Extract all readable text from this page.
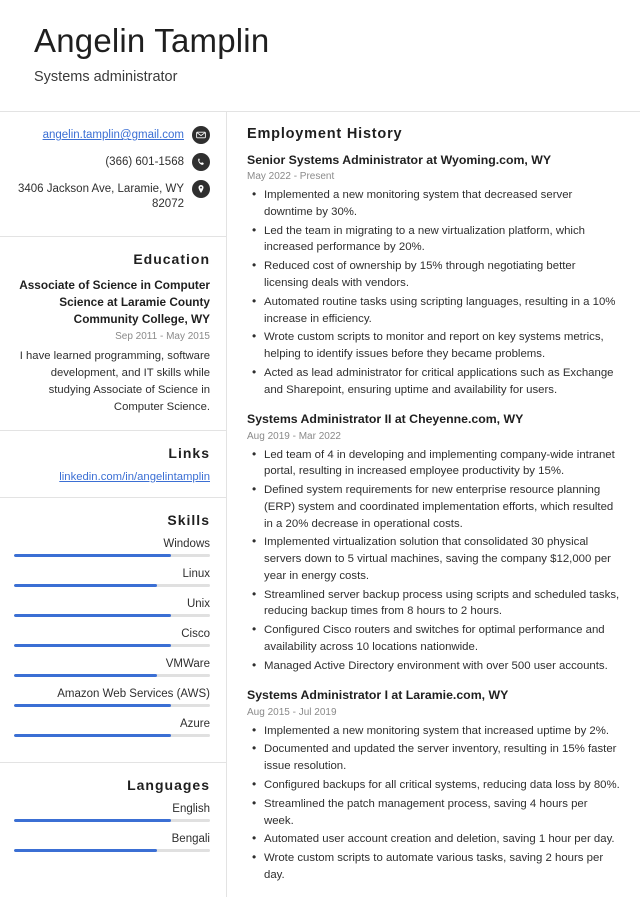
Angelin Tamplin
Systems administrator
angelin.tamplin@gmail.com
(366) 601-1568
3406 Jackson Ave, Laramie, WY 82072
Education
Associate of Science in Computer Science at Laramie County Community College, WY
Sep 2011 - May 2015
I have learned programming, software development, and IT skills while studying Associate of Science in Computer Science.
Links
linkedin.com/in/angelintamplin
Skills
Windows
Linux
Unix
Cisco
VMWare
Amazon Web Services (AWS)
Azure
Languages
English
Bengali
Employment History
Senior Systems Administrator at Wyoming.com, WY
May 2022 - Present
• Implemented a new monitoring system that decreased server downtime by 30%.
• Led the team in migrating to a new virtualization platform, which increased performance by 20%.
• Reduced cost of ownership by 15% through negotiating better licensing deals with vendors.
• Automated routine tasks using scripting languages, resulting in a 10% increase in efficiency.
• Wrote custom scripts to monitor and report on key systems metrics, helping to identify issues before they became problems.
• Acted as lead administrator for critical applications such as Exchange and Sharepoint, ensuring uptime and availability for users.
Systems Administrator II at Cheyenne.com, WY
Aug 2019 - Mar 2022
• Led team of 4 in developing and implementing company-wide intranet portal, resulting in increased employee productivity by 15%.
• Defined system requirements for new enterprise resource planning (ERP) system and coordinated implementation efforts, which resulted in a 20% decrease in operational costs.
• Implemented virtualization solution that consolidated 30 physical servers down to 5 virtual machines, saving the company $12,000 per year in energy costs.
• Streamlined server backup process using scripts and scheduled tasks, reducing backup times from 8 hours to 2 hours.
• Configured Cisco routers and switches for optimal performance and availability across 10 locations nationwide.
• Managed Active Directory environment with over 500 user accounts.
Systems Administrator I at Laramie.com, WY
Aug 2015 - Jul 2019
• Implemented a new monitoring system that increased uptime by 2%.
• Documented and updated the server inventory, resulting in 15% faster issue resolution.
• Configured backups for all critical systems, reducing data loss by 80%.
• Streamlined the patch management process, saving 4 hours per week.
• Automated user account creation and deletion, saving 1 hour per day.
• Wrote custom scripts to automate various tasks, saving 2 hours per day.
